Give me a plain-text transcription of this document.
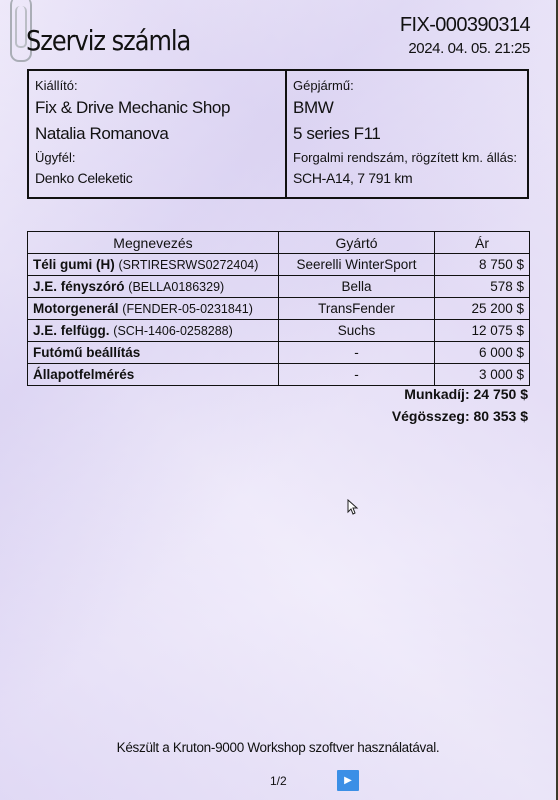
Szerviz számla	FIX-000390314
2024. 04. 05. 21:25
Kiállító:
Fix & Drive Mechanic Shop
Natalia Romanova
Ügyfél:
Denko Celeketic
Gépjármű:
BMW
5 series F11
Forgalmi rendszám, rögzített km. állás:
SCH-A14, 7 791 km
Megnevezés	Gyártó	Ár
Téli gumi (H) (SRTIRESRWS0272404)	Seerelli WinterSport	8 750 $
J.E. fényszóró (BELLA0186329)	Bella	578 $
Motorgenerál (FENDER-05-0231841)	TransFender	25 200 $
J.E. felfügg. (SCH-1406-0258288)	Suchs	12 075 $
Futómű beállítás	-	6 000 $
Állapotfelmérés	-	3 000 $
Munkadíj: 24 750 $
Végösszeg: 80 353 $
Készült a Kruton-9000 Workshop szoftver használatával.
1/2	▶
